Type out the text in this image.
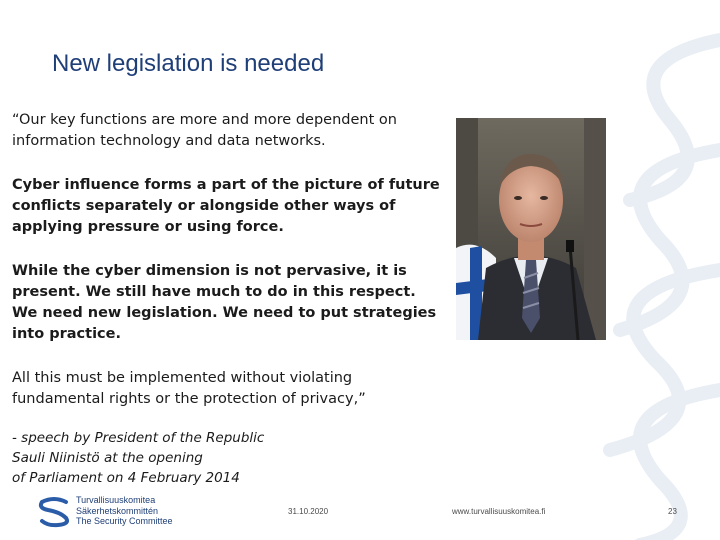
New legislation is needed

“Our key functions are more and more dependent on information technology and data networks.

Cyber influence forms a part of the picture of future conflicts separately or alongside other ways of applying pressure or using force.

While the cyber dimension is not pervasive, it is present. We still have much to do in this respect. We need new legislation. We need to put strategies into practice.

All this must be implemented without violating fundamental rights or the protection of privacy,”

- speech by President of the Republic
Sauli Niinistö at the opening
of Parliament on 4 February 2014
Turvallisuuskomitea
Säkerhetskommittén
The Security Committee
31.10.2020	www.turvallisuuskomitea.fi	23
